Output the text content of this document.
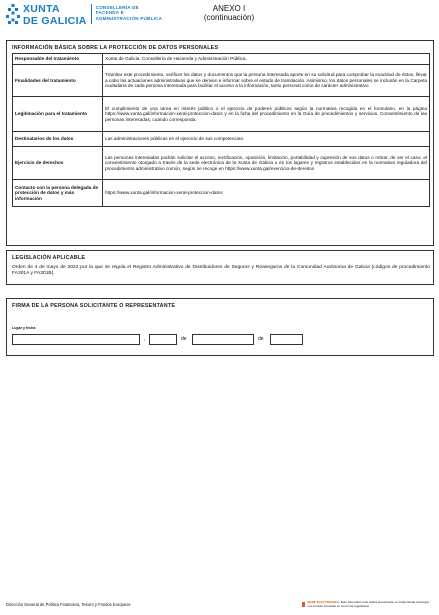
XUNTA
DE GALICIA
CONSELLERÍA DE
FACENDA E
ADMINISTRACIÓN PÚBLICA
ANEXO I
(continuación)
INFORMACIÓN BÁSICA SOBRE LA PROTECCIÓN DE DATOS PERSONALES
Responsable del tratamiento	Xunta de Galicia. Consellería de Hacienda y Administración Pública.
Finalidades del tratamiento	Tramitar este procedimiento, verificar los datos y documentos que la persona interesada aporte en su solicitud para comprobar la exactitud de éstos, llevar a cabo las actuaciones administrativas que se deriven e informar sobre el estado de tramitación. Asimismo, los datos personales se incluirán en la Carpeta ciudadana de cada persona interesada para facilitar el acceso a la información, tanto personal como de carácter administrativo.
Legitimación para el tratamiento	El cumplimiento de una tarea en interés público o el ejercicio de poderes públicos según la normativa recogida en el formulario, en la página https://www.xunta.gal/informacion-xeral-proteccion-datos y en la ficha del procedimiento en la Guía de procedimientos y servicios. Consentimiento de las personas interesadas, cuando corresponda.
Destinatarios de los datos	Las administraciones públicas en el ejercicio de sus competencias.
Ejercicio de derechos	Las personas interesadas podrán solicitar el acceso, rectificación, oposición, limitación, portabilidad y supresión de sus datos o retirar, de ser el caso, el consentimiento otorgado a través de la sede electrónica de la Xunta de Galicia o en los lugares y registros establecidos en la normativa reguladora del procedimiento administrativo común, según se recoge en https://www.xunta.gal/exercicio-de-dereitos
Contacto con la persona delegada de protección de datos y más información	https://www.xunta.gal/informacion-xeral-proteccion-datos
LEGISLACIÓN APLICABLE
Orden de 4 de mayo de 2022 por la que se regula el Registro Administrativo de Distribuidores de Seguros y Reaseguros de la Comunidad Autónoma de Galicia (códigos de procedimiento FA301A y FA301B).
FIRMA DE LA PERSONA SOLICITANTE O REPRESENTANTE
Lugar y fecha
,	de	de
Dirección General de Política Financiera, Tesoro y Fondos Europeos	SEDE ELECTRÓNICA: Este formulario solo podrá presentarse en https://sede.xunta.gal. Los formas previstas en la norma reguladora
